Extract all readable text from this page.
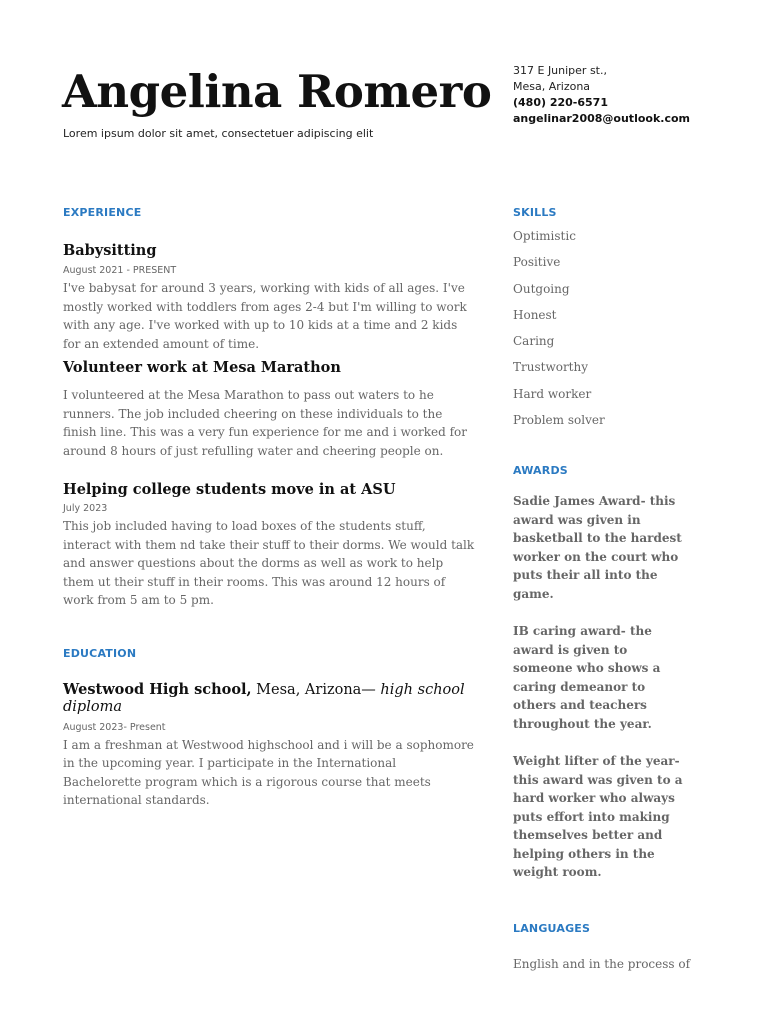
Angelina Romero
Lorem ipsum dolor sit amet, consectetuer adipiscing elit
317 E Juniper st.,
Mesa, Arizona
(480) 220-6571
angelinar2008@outlook.com
EXPERIENCE
Babysitting

August 2021 - PRESENT

I've babysat for around 3 years, working with kids of all ages. I've mostly worked with toddlers from ages 2-4 but I'm willing to work with any age. I've worked with up to 10 kids at a time and 2 kids for an extended amount of time.

Volunteer work at Mesa Marathon

I volunteered at the Mesa Marathon to pass out waters to he runners. The job included cheering on these individuals to the finish line. This was a very fun experience for me and i worked for around 8 hours of just refulling water and cheering people on.

Helping college students move in at ASU

July 2023

This job included having to load boxes of the students stuff, interact with them nd take their stuff to their dorms. We would talk and answer questions about the dorms as well as work to help them ut their stuff in their rooms. This was around 12 hours of work from 5 am to 5 pm.

EDUCATION

Westwood High school, Mesa, Arizona— high school diploma

August 2023- Present

I am a freshman at Westwood highschool and i will be a sophomore in the upcoming year. I participate in the International Bachelorette program which is a rigorous course that meets international standards.

SKILLS

Optimistic

Positive

Outgoing

Honest

Caring

Trustworthy

Hard worker

Problem solver

AWARDS

Sadie James Award- this award was given in basketball to the hardest worker on the court who puts their all into the game.

IB caring award- the award is given to someone who shows a caring demeanor to others and teachers throughout the year.

Weight lifter of the year- this award was given to a hard worker who always puts effort into making themselves better and helping others in the weight room.

LANGUAGES

English and in the process of
